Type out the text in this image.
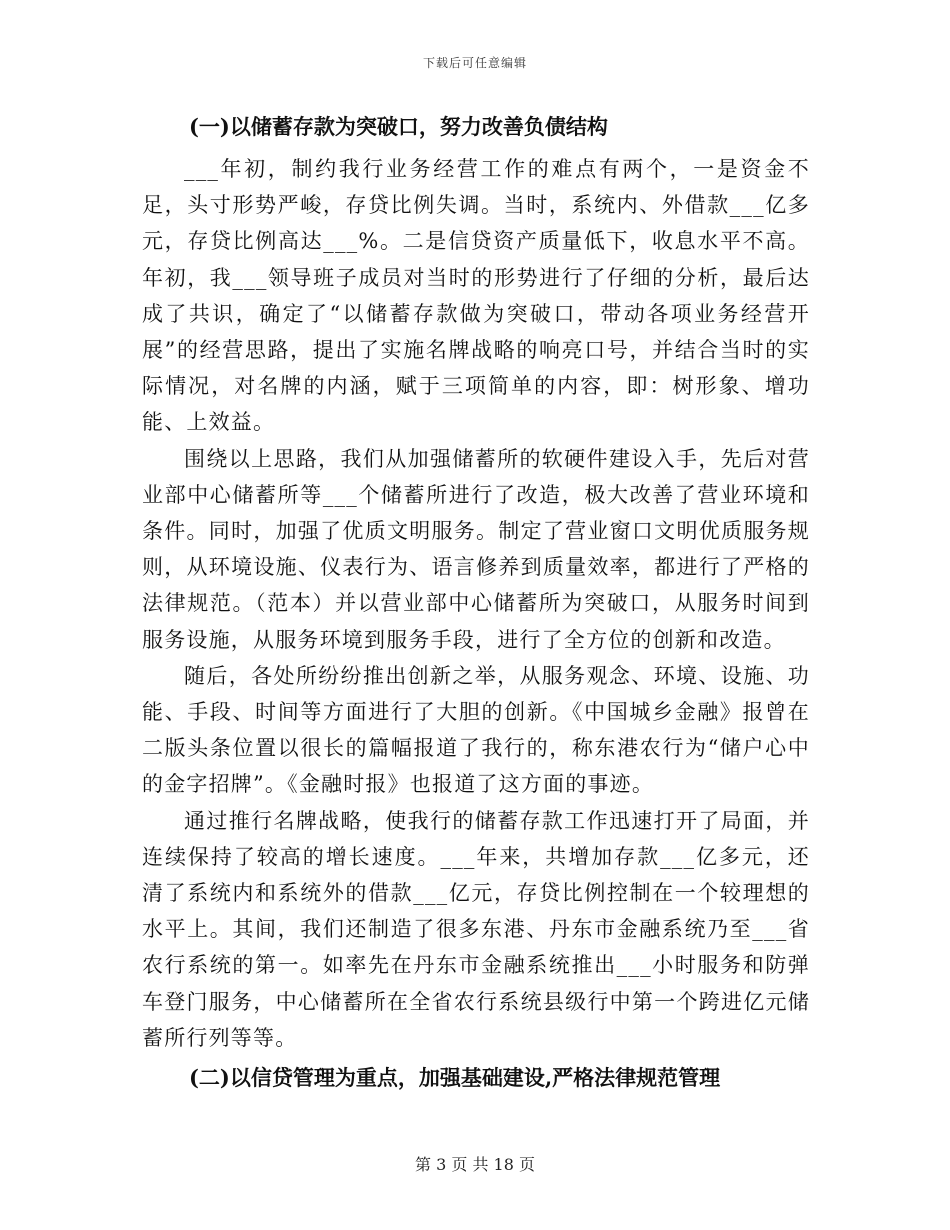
下载后可任意编辑
(一)以储蓄存款为突破口，努力改善负债结构

___年初，制约我行业务经营工作的难点有两个，一是资金不足，头寸形势严峻，存贷比例失调。当时，系统内、外借款___亿多元，存贷比例高达___%。二是信贷资产质量低下，收息水平不高。年初，我___领导班子成员对当时的形势进行了仔细的分析，最后达成了共识，确定了“以储蓄存款做为突破口，带动各项业务经营开展”的经营思路，提出了实施名牌战略的响亮口号，并结合当时的实际情况，对名牌的内涵，赋于三项简单的内容，即：树形象、增功能、上效益。

围绕以上思路，我们从加强储蓄所的软硬件建设入手，先后对营业部中心储蓄所等___个储蓄所进行了改造，极大改善了营业环境和条件。同时，加强了优质文明服务。制定了营业窗口文明优质服务规则，从环境设施、仪表行为、语言修养到质量效率，都进行了严格的法律规范。（范本）并以营业部中心储蓄所为突破口，从服务时间到服务设施，从服务环境到服务手段，进行了全方位的创新和改造。

随后，各处所纷纷推出创新之举，从服务观念、环境、设施、功能、手段、时间等方面进行了大胆的创新。《中国城乡金融》报曾在二版头条位置以很长的篇幅报道了我行的，称东港农行为“储户心中的金字招牌”。《金融时报》也报道了这方面的事迹。

通过推行名牌战略，使我行的储蓄存款工作迅速打开了局面，并连续保持了较高的增长速度。___年来，共增加存款___亿多元，还清了系统内和系统外的借款___亿元，存贷比例控制在一个较理想的水平上。其间，我们还制造了很多东港、丹东市金融系统乃至___省农行系统的第一。如率先在丹东市金融系统推出___小时服务和防弹车登门服务，中心储蓄所在全省农行系统县级行中第一个跨进亿元储蓄所行列等等。

(二)以信贷管理为重点，加强基础建设,严格法律规范管理
第 3 页 共 18 页
